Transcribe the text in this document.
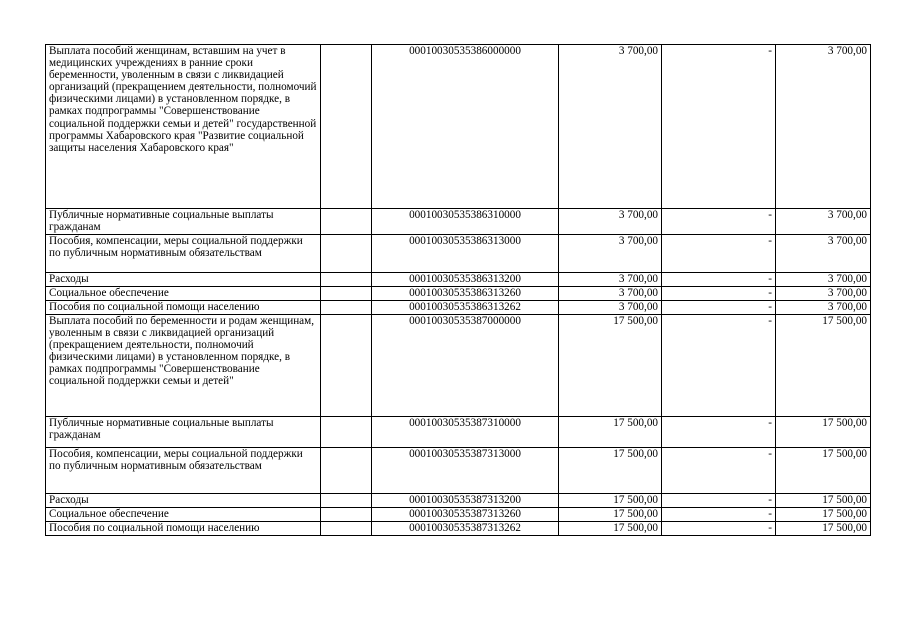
Выплата пособий женщинам, вставшим на учет в медицинских учреждениях в ранние сроки беременности, уволенным в связи с ликвидацией организаций (прекращением деятельности, полномочий физическими лицами) в установленном порядке, в рамках подпрограммы "Совершенствование социальной поддержки семьи и детей" государственной программы Хабаровского края "Развитие социальной защиты населения Хабаровского края"		00010030535386000000	3 700,00	-	3 700,00
Публичные нормативные социальные выплаты гражданам		00010030535386310000	3 700,00	-	3 700,00
Пособия, компенсации, меры социальной поддержки по публичным нормативным обязательствам		00010030535386313000	3 700,00	-	3 700,00
Расходы		00010030535386313200	3 700,00	-	3 700,00
Социальное обеспечение		00010030535386313260	3 700,00	-	3 700,00
Пособия по социальной помощи населению		00010030535386313262	3 700,00	-	3 700,00
Выплата пособий по беременности и родам женщинам, уволенным в связи с ликвидацией организаций (прекращением деятельности, полномочий физическими лицами) в установленном порядке, в рамках подпрограммы "Совершенствование социальной поддержки семьи и детей"		00010030535387000000	17 500,00	-	17 500,00
Публичные нормативные социальные выплаты гражданам		00010030535387310000	17 500,00	-	17 500,00
Пособия, компенсации, меры социальной поддержки по публичным нормативным обязательствам		00010030535387313000	17 500,00	-	17 500,00
Расходы		00010030535387313200	17 500,00	-	17 500,00
Социальное обеспечение		00010030535387313260	17 500,00	-	17 500,00
Пособия по социальной помощи населению		00010030535387313262	17 500,00	-	17 500,00
